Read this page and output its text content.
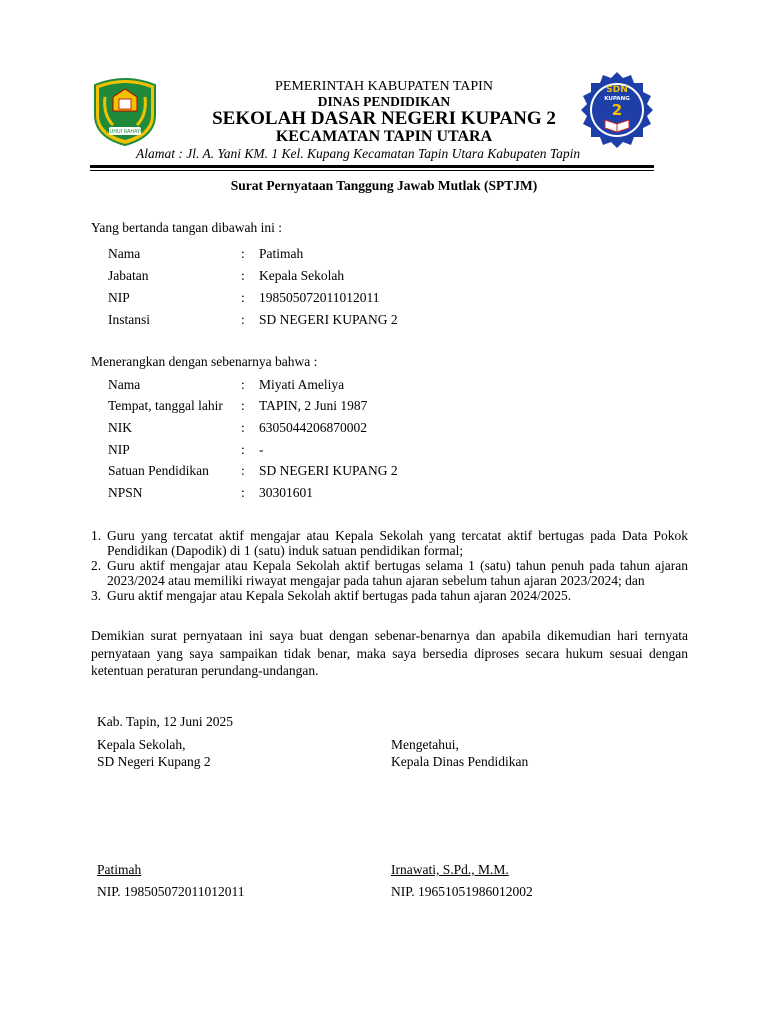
RUHUI RAHAYU
SDN
KUPANG
2
PEMERINTAH KABUPATEN TAPIN
DINAS PENDIDIKAN
SEKOLAH DASAR NEGERI KUPANG 2
KECAMATAN TAPIN UTARA
Alamat : Jl. A. Yani KM. 1 Kel. Kupang Kecamatan Tapin Utara Kabupaten Tapin
Surat Pernyataan Tanggung Jawab Mutlak (SPTJM)
Yang bertanda tangan dibawah ini :
Nama	: Patimah
Jabatan	: Kepala Sekolah
NIP	: 198505072011012011
Instansi	: SD NEGERI KUPANG 2
Menerangkan dengan sebenarnya bahwa :
Nama	: Miyati Ameliya
Tempat, tanggal lahir : TAPIN, 2 Juni 1987
NIK	: 6305044206870002
NIP	: -
Satuan Pendidikan : SD NEGERI KUPANG 2
NPSN	: 30301601
1. Guru yang tercatat aktif mengajar atau Kepala Sekolah yang tercatat aktif bertugas pada Data Pokok Pendidikan (Dapodik) di 1 (satu) induk satuan pendidikan formal;
2. Guru aktif mengajar atau Kepala Sekolah aktif bertugas selama 1 (satu) tahun penuh pada tahun ajaran 2023/2024 atau memiliki riwayat mengajar pada tahun ajaran sebelum tahun ajaran 2023/2024; dan
3. Guru aktif mengajar atau Kepala Sekolah aktif bertugas pada tahun ajaran 2024/2025.
Demikian surat pernyataan ini saya buat dengan sebenar-benarnya dan apabila dikemudian hari ternyata pernyataan yang saya sampaikan tidak benar, maka saya bersedia diproses secara hukum sesuai dengan ketentuan peraturan perundang-undangan.
Kab. Tapin, 12 Juni 2025
Kepala Sekolah,
SD Negeri Kupang 2
Patimah
NIP. 198505072011012011
Mengetahui,
Kepala Dinas Pendidikan
Irnawati, S.Pd., M.M.
NIP. 19651051986012002
